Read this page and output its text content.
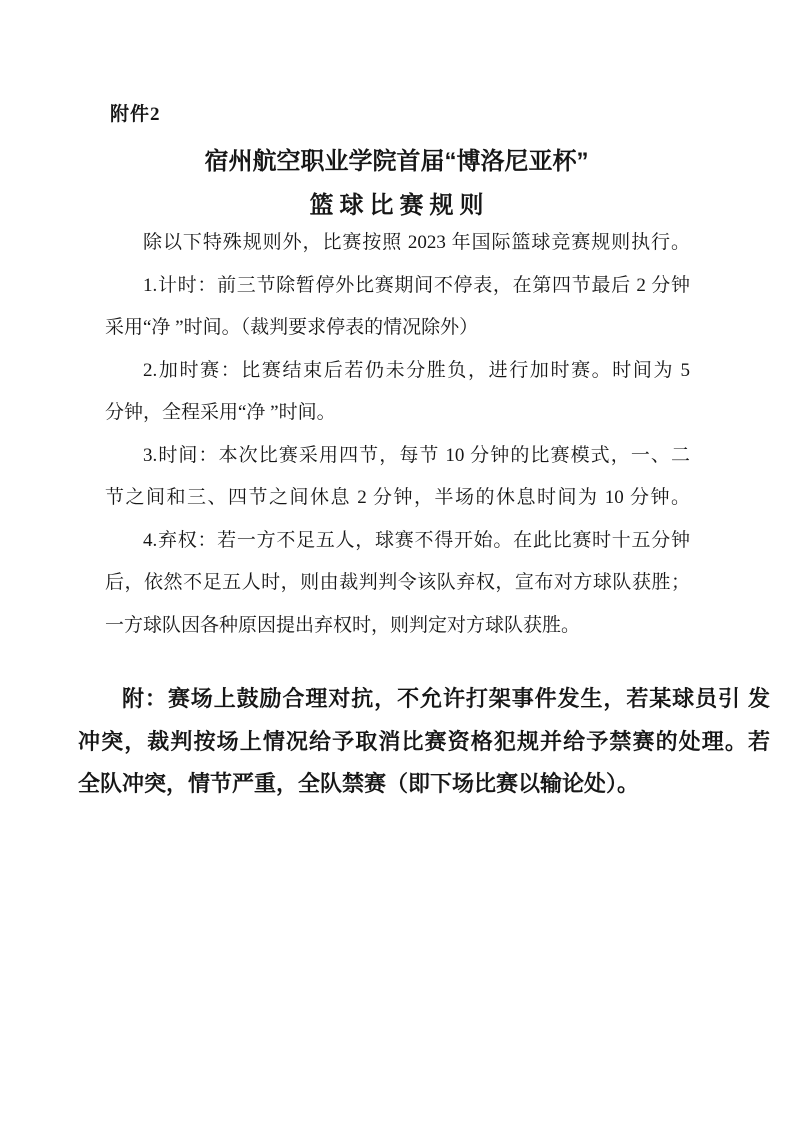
附件2
宿州航空职业学院首届“博洛尼亚杯”
篮球比赛规则
除以下特殊规则外，比赛按照 2023 年国际篮球竞赛规则执行。
1.计时：前三节除暂停外比赛期间不停表，在第四节最后 2 分钟
采用“净 ”时间。（裁判要求停表的情况除外）
2.加时赛：比赛结束后若仍未分胜负，进行加时赛。时间为 5
分钟，全程采用“净 ”时间。
3.时间：本次比赛采用四节，每节 10 分钟的比赛模式，一、二
节之间和三、四节之间休息 2 分钟，半场的休息时间为 10 分钟。
4.弃权：若一方不足五人，球赛不得开始。在此比赛时十五分钟
后，依然不足五人时，则由裁判判令该队弃权，宣布对方球队获胜；
一方球队因各种原因提出弃权时，则判定对方球队获胜。
附：赛场上鼓励合理对抗，不允许打架事件发生，若某球员引 发
冲突，裁判按场上情况给予取消比赛资格犯规并给予禁赛的处理。若
全队冲突，情节严重，全队禁赛（即下场比赛以输论处）。
